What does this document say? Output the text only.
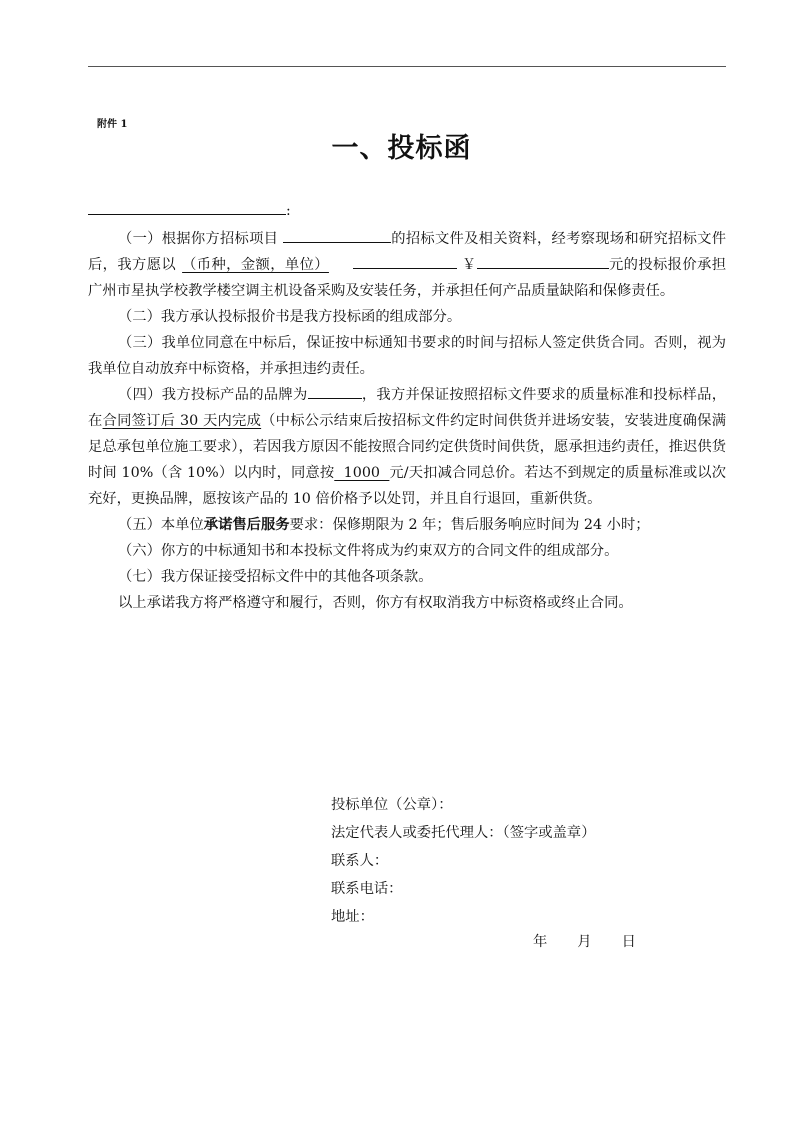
附件 1
一、投标函
:

（一）根据你方招标项目	的招标文件及相关资料，经考察现场和研究招标文件后，我方愿以 （币种，金额，单位）	￥	元的投标报价承担广州市星执学校教学楼空调主机设备采购及安装任务，并承担任何产品质量缺陷和保修责任。

（二）我方承认投标报价书是我方投标函的组成部分。

（三）我单位同意在中标后，保证按中标通知书要求的时间与招标人签定供货合同。否则，视为我单位自动放弃中标资格，并承担违约责任。

（四）我方投标产品的品牌为	，我方并保证按照招标文件要求的质量标准和投标样品，在合同签订后 30 天内完成（中标公示结束后按招标文件约定时间供货并进场安装，安装进度确保满足总承包单位施工要求），若因我方原因不能按照合同约定供货时间供货，愿承担违约责任，推迟供货时间 10%（含 10%）以内时，同意按  1000  元/天扣减合同总价。若达不到规定的质量标准或以次充好，更换品牌，愿按该产品的 10 倍价格予以处罚，并且自行退回，重新供货。

（五）本单位承诺售后服务要求：保修期限为 2 年；售后服务响应时间为 24 小时；

（六）你方的中标通知书和本投标文件将成为约束双方的合同文件的组成部分。

（七）我方保证接受招标文件中的其他各项条款。

以上承诺我方将严格遵守和履行，否则，你方有权取消我方中标资格或终止合同。

投标单位（公章）：
法定代表人或委托代理人：（签字或盖章）
联系人：
联系电话：
地址：
年 月 日
